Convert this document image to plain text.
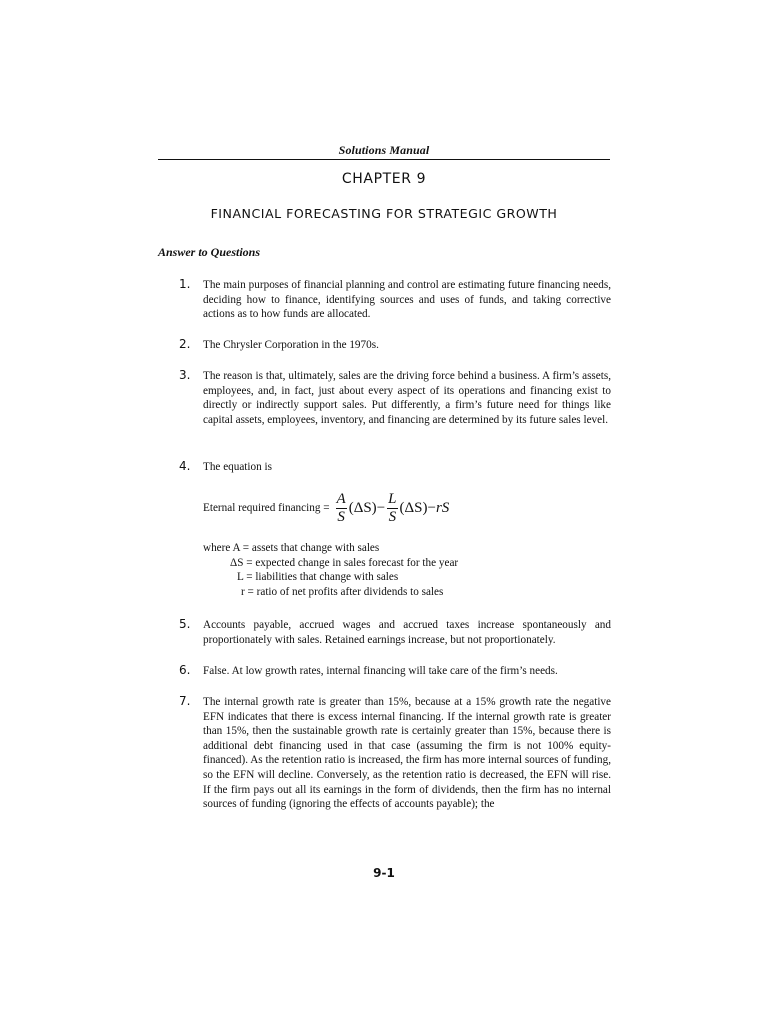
Solutions Manual
CHAPTER 9
FINANCIAL FORECASTING FOR STRATEGIC GROWTH
Answer to Questions
1.	The main purposes of financial planning and control are estimating future financing needs, deciding how to finance, identifying sources and uses of funds, and taking corrective actions as to how funds are allocated.
2.	The Chrysler Corporation in the 1970s.
3.	The reason is that, ultimately, sales are the driving force behind a business. A firm’s assets, employees, and, in fact, just about every aspect of its operations and financing exist to directly or indirectly support sales. Put differently, a firm’s future need for things like capital assets, employees, inventory, and financing are determined by its future sales level.
4.	The equation is
Eternal required financing = $\frac{A}{S} (\Delta S) - \frac{L}{S} (\Delta S)$ − rS
where A = assets that change with sales
ΔS = expected change in sales forecast for the year
L = liabilities that change with sales
r = ratio of net profits after dividends to sales
5.	Accounts payable, accrued wages and accrued taxes increase spontaneously and proportionately with sales. Retained earnings increase, but not proportionately.
6.	False. At low growth rates, internal financing will take care of the firm’s needs.
7.	The internal growth rate is greater than 15%, because at a 15% growth rate the negative EFN indicates that there is excess internal financing. If the internal growth rate is greater than 15%, then the sustainable growth rate is certainly greater than 15%, because there is additional debt financing used in that case (assuming the firm is not 100% equity-financed). As the retention ratio is increased, the firm has more internal sources of funding, so the EFN will decline. Conversely, as the retention ratio is decreased, the EFN will rise. If the firm pays out all its earnings in the form of dividends, then the firm has no internal sources of funding (ignoring the effects of accounts payable); the
9-1
